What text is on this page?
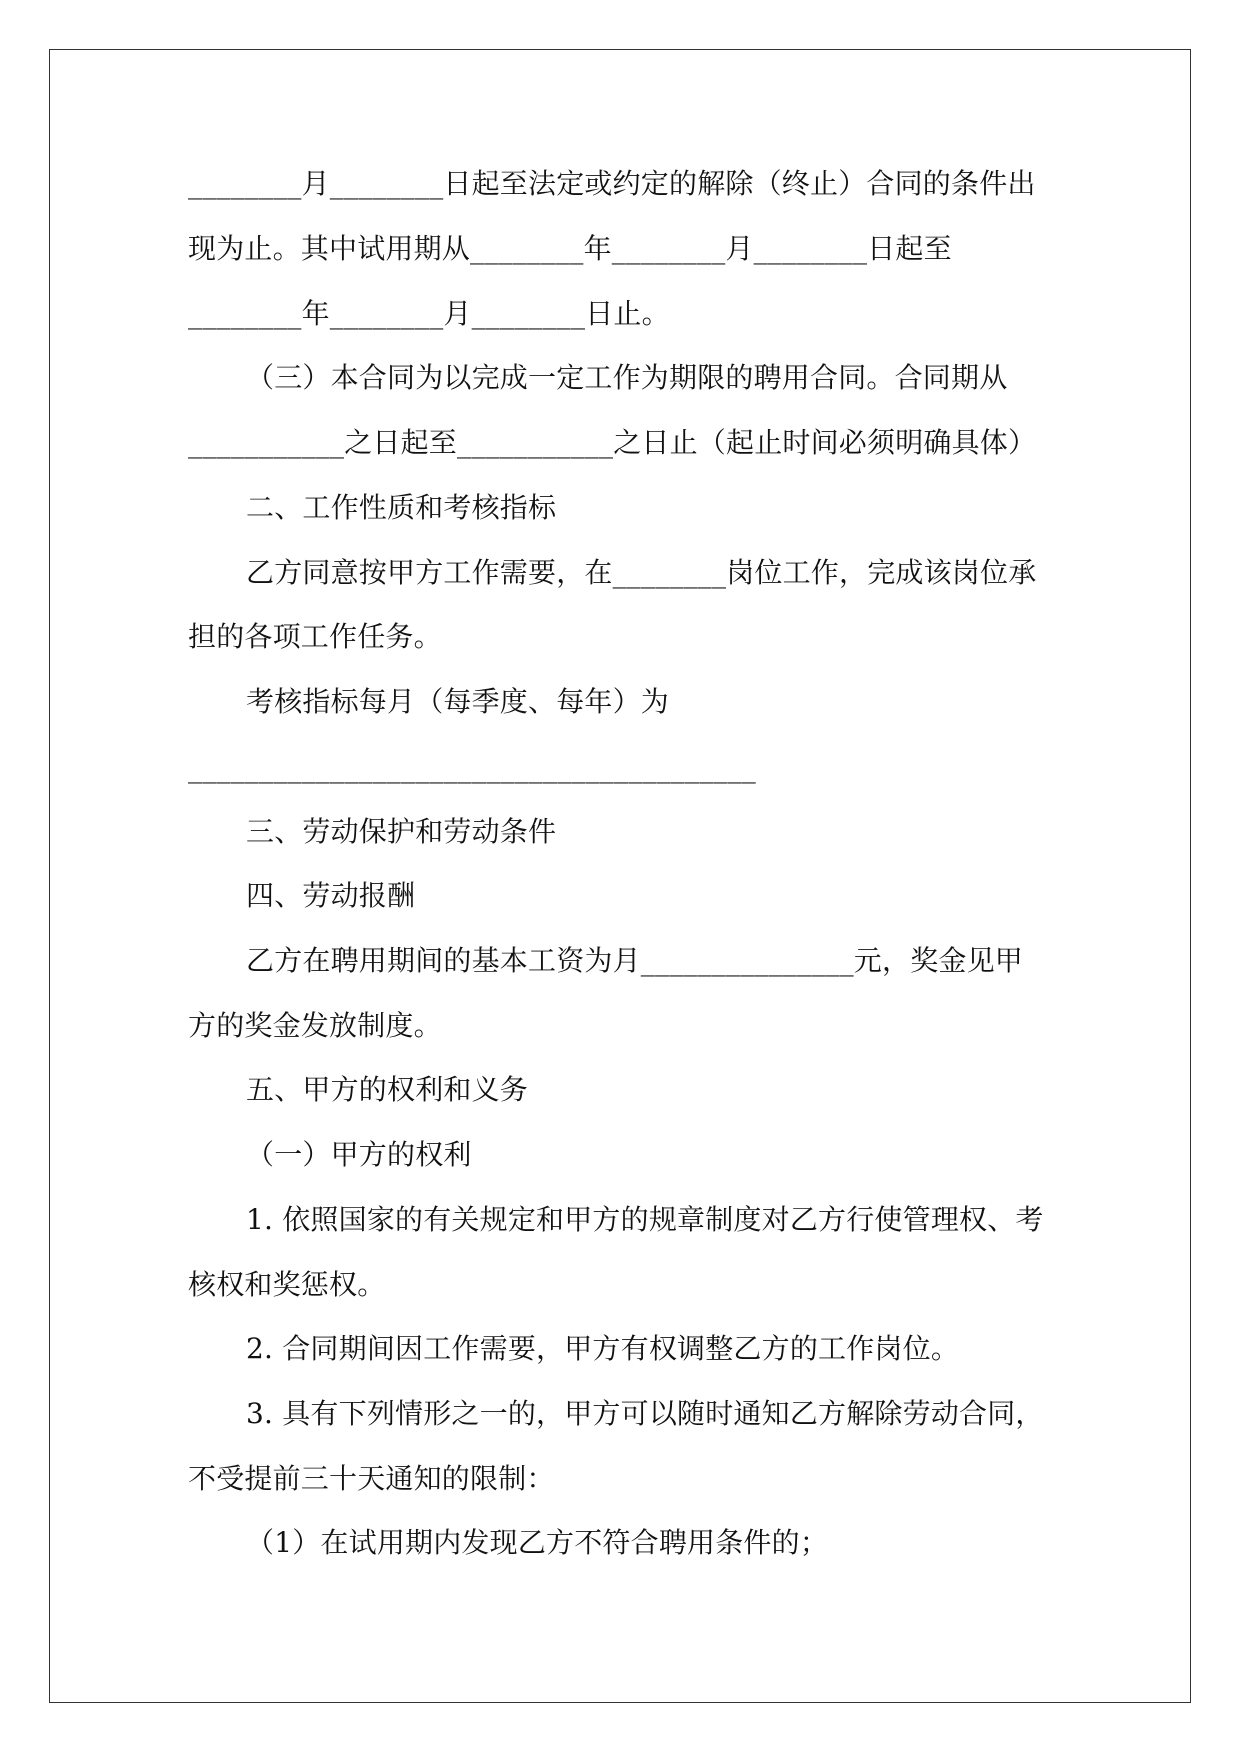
________月________日起至法定或约定的解除（终止）合同的条件出
现为止。其中试用期从________年________月________日起至
________年________月________日止。
（三）本合同为以完成一定工作为期限的聘用合同。合同期从
___________之日起至___________之日止（起止时间必须明确具体）
二、工作性质和考核指标
乙方同意按甲方工作需要，在________岗位工作，完成该岗位承
担的各项工作任务。
考核指标每月（每季度、每年）为
________________________________________
三、劳动保护和劳动条件
四、劳动报酬
乙方在聘用期间的基本工资为月_______________元，奖金见甲
方的奖金发放制度。
五、甲方的权利和义务
（一）甲方的权利
1. 依照国家的有关规定和甲方的规章制度对乙方行使管理权、考
核权和奖惩权。
2. 合同期间因工作需要，甲方有权调整乙方的工作岗位。
3. 具有下列情形之一的，甲方可以随时通知乙方解除劳动合同，
不受提前三十天通知的限制：
（1）在试用期内发现乙方不符合聘用条件的；
